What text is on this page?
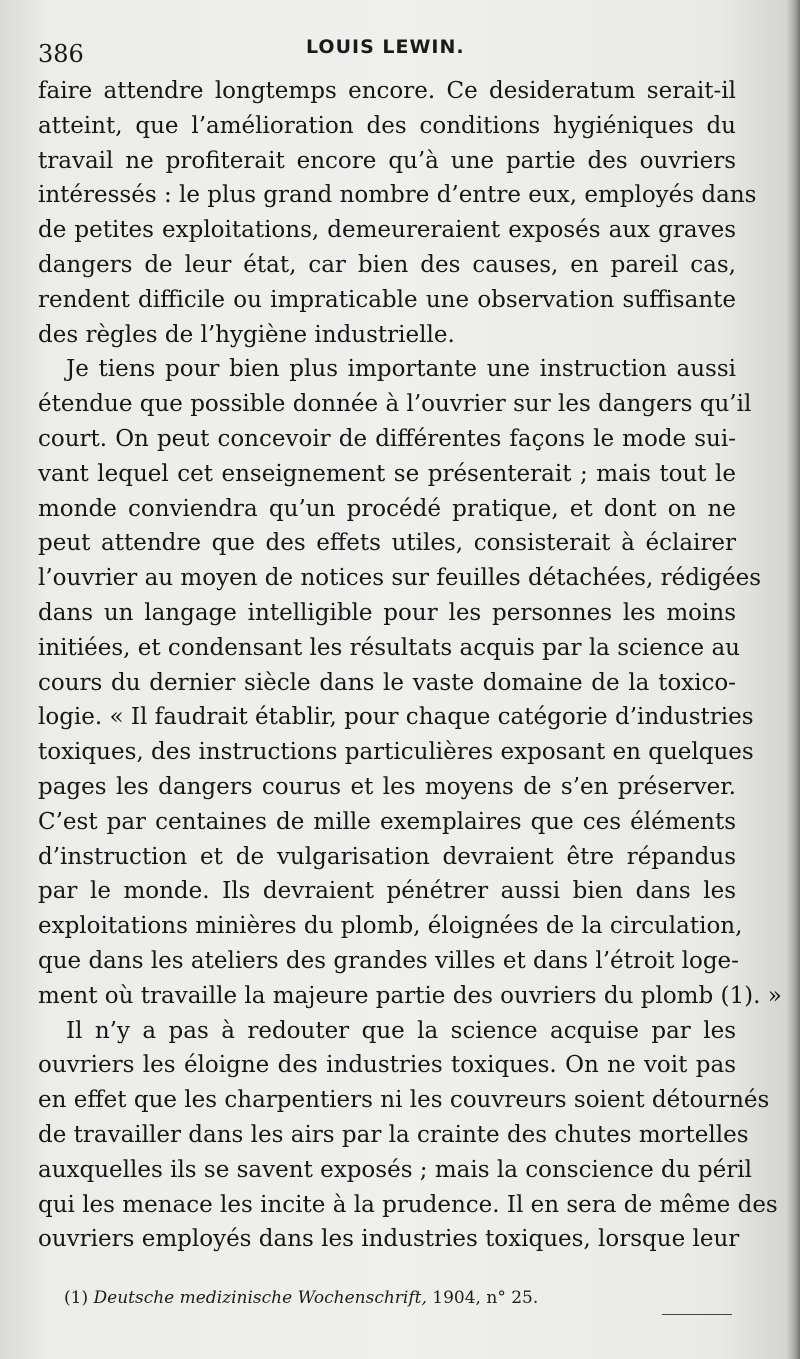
386	LOUIS LEWIN.
faire attendre longtemps encore. Ce desideratum serait-il
atteint, que l’amélioration des conditions hygiéniques du
travail ne profiterait encore qu’à une partie des ouvriers
intéressés : le plus grand nombre d’entre eux, employés dans
de petites exploitations, demeureraient exposés aux graves
dangers de leur état, car bien des causes, en pareil cas,
rendent difficile ou impraticable une observation suffisante
des règles de l’hygiène industrielle.
Je tiens pour bien plus importante une instruction aussi
étendue que possible donnée à l’ouvrier sur les dangers qu’il
court. On peut concevoir de différentes façons le mode sui-
vant lequel cet enseignement se présenterait ; mais tout le
monde conviendra qu’un procédé pratique, et dont on ne
peut attendre que des effets utiles, consisterait à éclairer
l’ouvrier au moyen de notices sur feuilles détachées, rédigées
dans un langage intelligible pour les personnes les moins
initiées, et condensant les résultats acquis par la science au
cours du dernier siècle dans le vaste domaine de la toxico-
logie. « Il faudrait établir, pour chaque catégorie d’industries
toxiques, des instructions particulières exposant en quelques
pages les dangers courus et les moyens de s’en préserver.
C’est par centaines de mille exemplaires que ces éléments
d’instruction et de vulgarisation devraient être répandus
par le monde. Ils devraient pénétrer aussi bien dans les
exploitations minières du plomb, éloignées de la circulation,
que dans les ateliers des grandes villes et dans l’étroit loge-
ment où travaille la majeure partie des ouvriers du plomb (1). »
Il n’y a pas à redouter que la science acquise par les
ouvriers les éloigne des industries toxiques. On ne voit pas
en effet que les charpentiers ni les couvreurs soient détournés
de travailler dans les airs par la crainte des chutes mortelles
auxquelles ils se savent exposés ; mais la conscience du péril
qui les menace les incite à la prudence. Il en sera de même des
ouvriers employés dans les industries toxiques, lorsque leur
(1) Deutsche medizinische Wochenschrift, 1904, n° 25.
